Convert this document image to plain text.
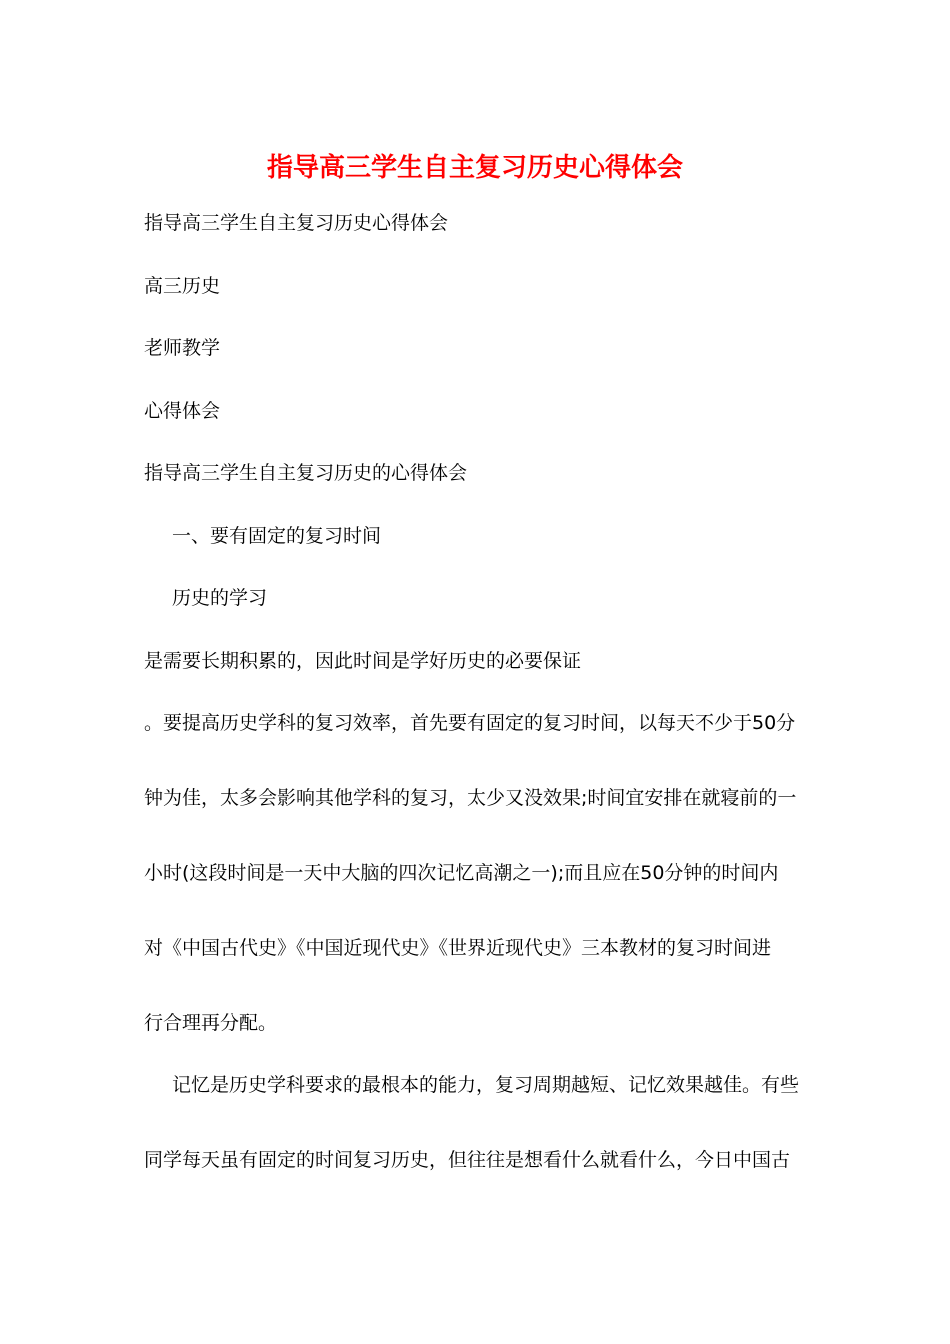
指导高三学生自主复习历史心得体会
指导高三学生自主复习历史心得体会
高三历史
老师教学
心得体会
指导高三学生自主复习历史的心得体会
一、要有固定的复习时间
历史的学习
是需要长期积累的，因此时间是学好历史的必要保证
。要提高历史学科的复习效率，首先要有固定的复习时间，以每天不少于50分
钟为佳，太多会影响其他学科的复习，太少又没效果;时间宜安排在就寝前的一
小时(这段时间是一天中大脑的四次记忆高潮之一);而且应在50分钟的时间内
对《中国古代史》《中国近现代史》《世界近现代史》三本教材的复习时间进
行合理再分配。
记忆是历史学科要求的最根本的能力，复习周期越短、记忆效果越佳。有些
同学每天虽有固定的时间复习历史，但往往是想看什么就看什么，今日中国古
